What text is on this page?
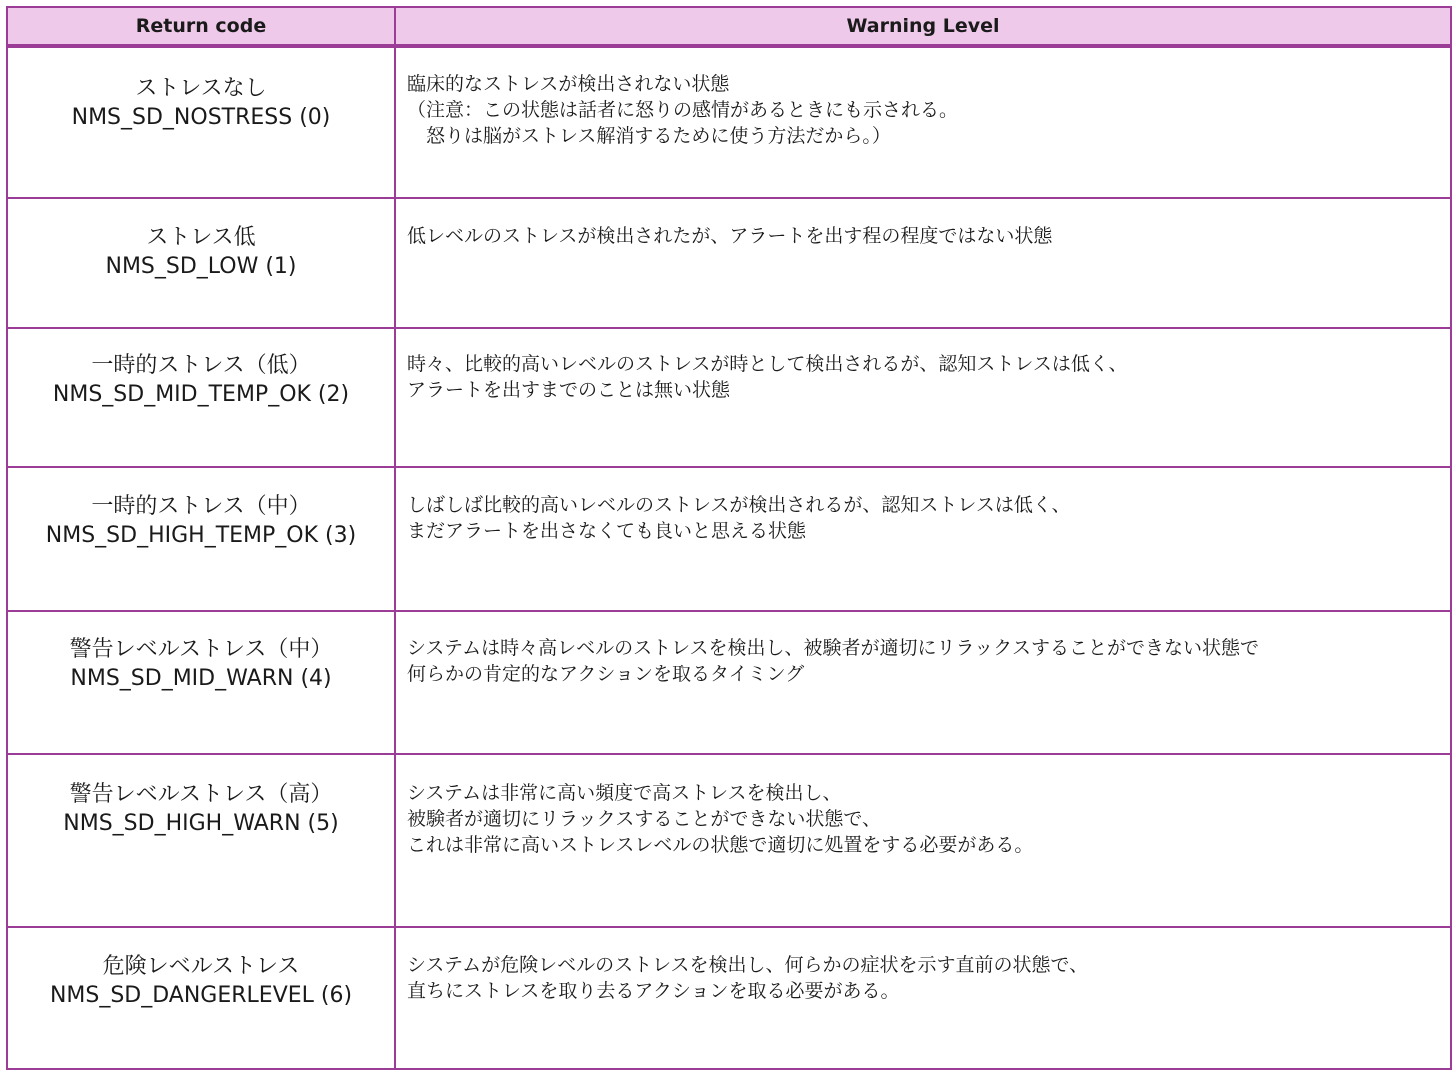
Return code	Warning Level

ストレスなし
NMS_SD_NOSTRESS (0)	臨床的なストレスが検出されない状態
（注意：この状態は話者に怒りの感情があるときにも示される。
　怒りは脳がストレス解消するために使う方法だから。）

ストレス低
NMS_SD_LOW (1)	低レベルのストレスが検出されたが、アラートを出す程の程度ではない状態

一時的ストレス（低）
NMS_SD_MID_TEMP_OK (2)	時々、比較的高いレベルのストレスが時として検出されるが、認知ストレスは低く、
アラートを出すまでのことは無い状態

一時的ストレス（中）
NMS_SD_HIGH_TEMP_OK (3)	しばしば比較的高いレベルのストレスが検出されるが、認知ストレスは低く、
まだアラートを出さなくても良いと思える状態

警告レベルストレス（中）
NMS_SD_MID_WARN (4)	システムは時々高レベルのストレスを検出し、被験者が適切にリラックスすることができない状態で
何らかの肯定的なアクションを取るタイミング

警告レベルストレス（高）
NMS_SD_HIGH_WARN (5)	システムは非常に高い頻度で高ストレスを検出し、
被験者が適切にリラックスすることができない状態で、
これは非常に高いストレスレベルの状態で適切に処置をする必要がある。

危険レベルストレス
NMS_SD_DANGERLEVEL (6)	システムが危険レベルのストレスを検出し、何らかの症状を示す直前の状態で、
直ちにストレスを取り去るアクションを取る必要がある。
